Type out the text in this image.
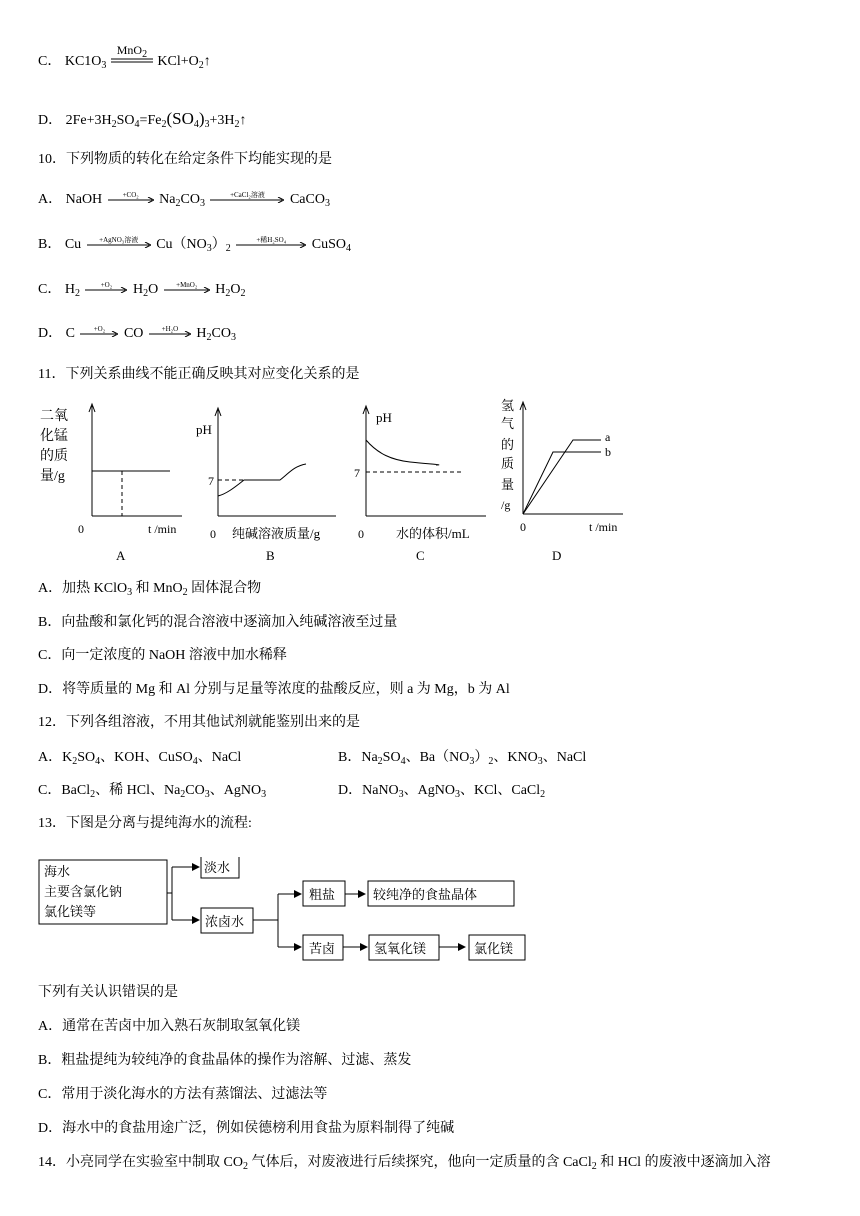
C． $KC1O_3$
MnO$_2$ $KCl+O_2↑$
D． $2Fe+3H_2SO_4=Fe_2(SO_4)_3+3H_2↑$
10．下列物质的转化在给定条件下均能实现的是
A． NaOH	+CO₂	$Na_2CO_3$
+CaCl₂溶液	CaCO$_3$
B． Cu	+AgNO₃溶液	$Cu(NO_3)_2$
+稀H₂SO₄	CuSO$_4$
C． $H_2$
+O₂	$H_2O$	+MnO₂	$H_2O_2$
D． C	+O₂	CO	+H₂O	$H_2CO_3$
11．下列关系曲线不能正确反映其对应变化关系的是
二氧
化锰
的质
量/g
0	t /min
A
pH
7
0 纯碱溶液质量/g
B
pH
7
0 水的体积/mL
C
氢
气
的
质
量
/g
a
b
0	t /min
D
A．加热 KClO$_3$ 和 MnO$_2$ 固体混合物
B．向盐酸和氯化钙的混合溶液中逐滴加入纯碱溶液至过量
C．向一定浓度的 NaOH 溶液中加水稀释
D．将等质量的 Mg 和 Al 分别与足量等浓度的盐酸反应，则 a 为 Mg，b 为 Al
12．下列各组溶液，不用其他试剂就能鉴别出来的是
A．$K_2SO_4$、KOH、CuSO$_4$、NaCl	B．$Na_2SO_4$、$Ba(NO_3)_2$、$KNO_3$、NaCl
C．BaCl$_2$、稀 HCl、$Na_2CO_3$、AgNO$_3$	D．NaNO$_3$、AgNO$_3$、KCl、CaCl$_2$
13．下图是分离与提纯海水的流程:
海水
主要含氯化钠
氯化镁等
淡水
浓卤水
粗盐	较纯净的食盐晶体
苦卤	氢氧化镁	氯化镁
下列有关认识错误的是
A．通常在苦卤中加入熟石灰制取氢氧化镁
B．粗盐提纯为较纯净的食盐晶体的操作为溶解、过滤、蒸发
C．常用于淡化海水的方法有蒸馏法、过滤法等
D．海水中的食盐用途广泛，例如侯德榜利用食盐为原料制得了纯碱
14．小亮同学在实验室中制取 $CO_2$ 气体后，对废液进行后续探究，他向一定质量的含 CaCl$_2$ 和 HCl 的废液中逐滴加入溶
